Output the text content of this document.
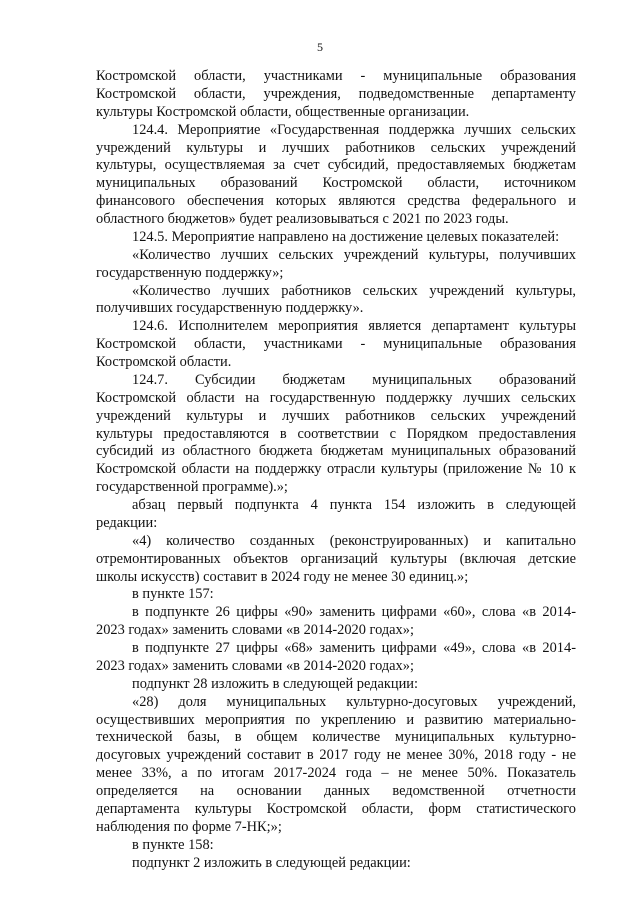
5
Костромской области, участниками - муниципальные образования
Костромской области, учреждения, подведомственные департаменту
культуры Костромской области, общественные организации.
124.4. Мероприятие «Государственная поддержка лучших сельских
учреждений культуры и лучших работников сельских учреждений
культуры, осуществляемая за счет субсидий, предоставляемых бюджетам
муниципальных образований Костромской области, источником
финансового обеспечения которых являются средства федерального и
областного бюджетов» будет реализовываться с 2021 по 2023 годы.
124.5. Мероприятие направлено на достижение целевых показателей:
«Количество лучших сельских учреждений культуры, получивших
государственную поддержку»;
«Количество лучших работников сельских учреждений культуры,
получивших государственную поддержку».
124.6. Исполнителем мероприятия является департамент культуры
Костромской области, участниками - муниципальные образования
Костромской области.
124.7. Субсидии бюджетам муниципальных образований
Костромской области на государственную поддержку лучших сельских
учреждений культуры и лучших работников сельских учреждений
культуры предоставляются в соответствии с Порядком предоставления
субсидий из областного бюджета бюджетам муниципальных образований
Костромской области на поддержку отрасли культуры (приложение № 10 к
государственной программе).»;
абзац первый подпункта 4 пункта 154 изложить в следующей
редакции:
«4) количество созданных (реконструированных) и капитально
отремонтированных объектов организаций культуры (включая детские
школы искусств) составит в 2024 году не менее 30 единиц.»;
в пункте 157:
в подпункте 26 цифры «90» заменить цифрами «60», слова «в 2014-
2023 годах» заменить словами «в 2014-2020 годах»;
в подпункте 27 цифры «68» заменить цифрами «49», слова «в 2014-
2023 годах» заменить словами «в 2014-2020 годах»;
подпункт 28 изложить в следующей редакции:
«28) доля муниципальных культурно-досуговых учреждений,
осуществивших мероприятия по укреплению и развитию материально-
технической базы, в общем количестве муниципальных культурно-
досуговых учреждений составит в 2017 году не менее 30%, 2018 году - не
менее 33%, а по итогам 2017-2024 года – не менее 50%. Показатель
определяется на основании данных ведомственной отчетности
департамента культуры Костромской области, форм статистического
наблюдения по форме 7-НК;»;
в пункте 158:
подпункт 2 изложить в следующей редакции:
